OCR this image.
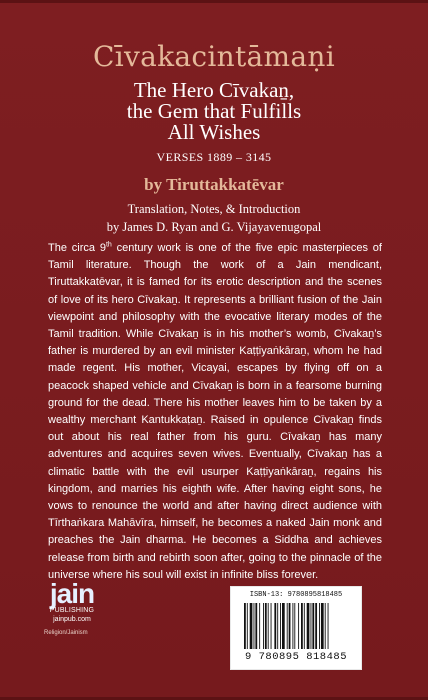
Cīvakacintāmaṇi
The Hero Cīvakaṉ,
the Gem that Fulfills
All Wishes
VERSES 1889 – 3145
by Tiruttakkatēvar
Translation, Notes, & Introduction
by James D. Ryan and G. Vijayavenugopal

The circa 9th century work is one of the five epic masterpieces of Tamil literature. Though the work of a Jain mendicant, Tiruttakkatēvar, it is famed for its erotic description and the scenes of love of its hero Cīvakaṉ. It represents a brilliant fusion of the Jain viewpoint and philosophy with the evocative literary modes of the Tamil tradition. While Cīvakaṉ is in his mother’s womb, Cīvakaṉ’s father is murdered by an evil minister Kaṭṭiyaṅkāraṉ, whom he had made regent. His mother, Vicayai, escapes by flying off on a peacock shaped vehicle and Cīvakaṉ is born in a fearsome burning ground for the dead. There his mother leaves him to be taken by a wealthy merchant Kantukkaṭaṉ. Raised in opulence Cīvakaṉ finds out about his real father from his guru. Cīvakaṉ has many adventures and acquires seven wives. Eventually, Cīvakaṉ has a climatic battle with the evil usurper Kaṭṭiyaṅkāraṉ, regains his kingdom, and marries his eighth wife. After having eight sons, he vows to renounce the world and after having direct audience with Tīrthaṅkara Mahāvīra, himself, he becomes a naked Jain monk and preaches the Jain dharma. He becomes a Siddha and achieves release from birth and rebirth soon after, going to the pinnacle of the universe where his soul will exist in infinite bliss forever.

jain
PUBLISHING
jainpub.com
Religion/Jainism
ISBN-13: 9780895818485
9 780895 818485
